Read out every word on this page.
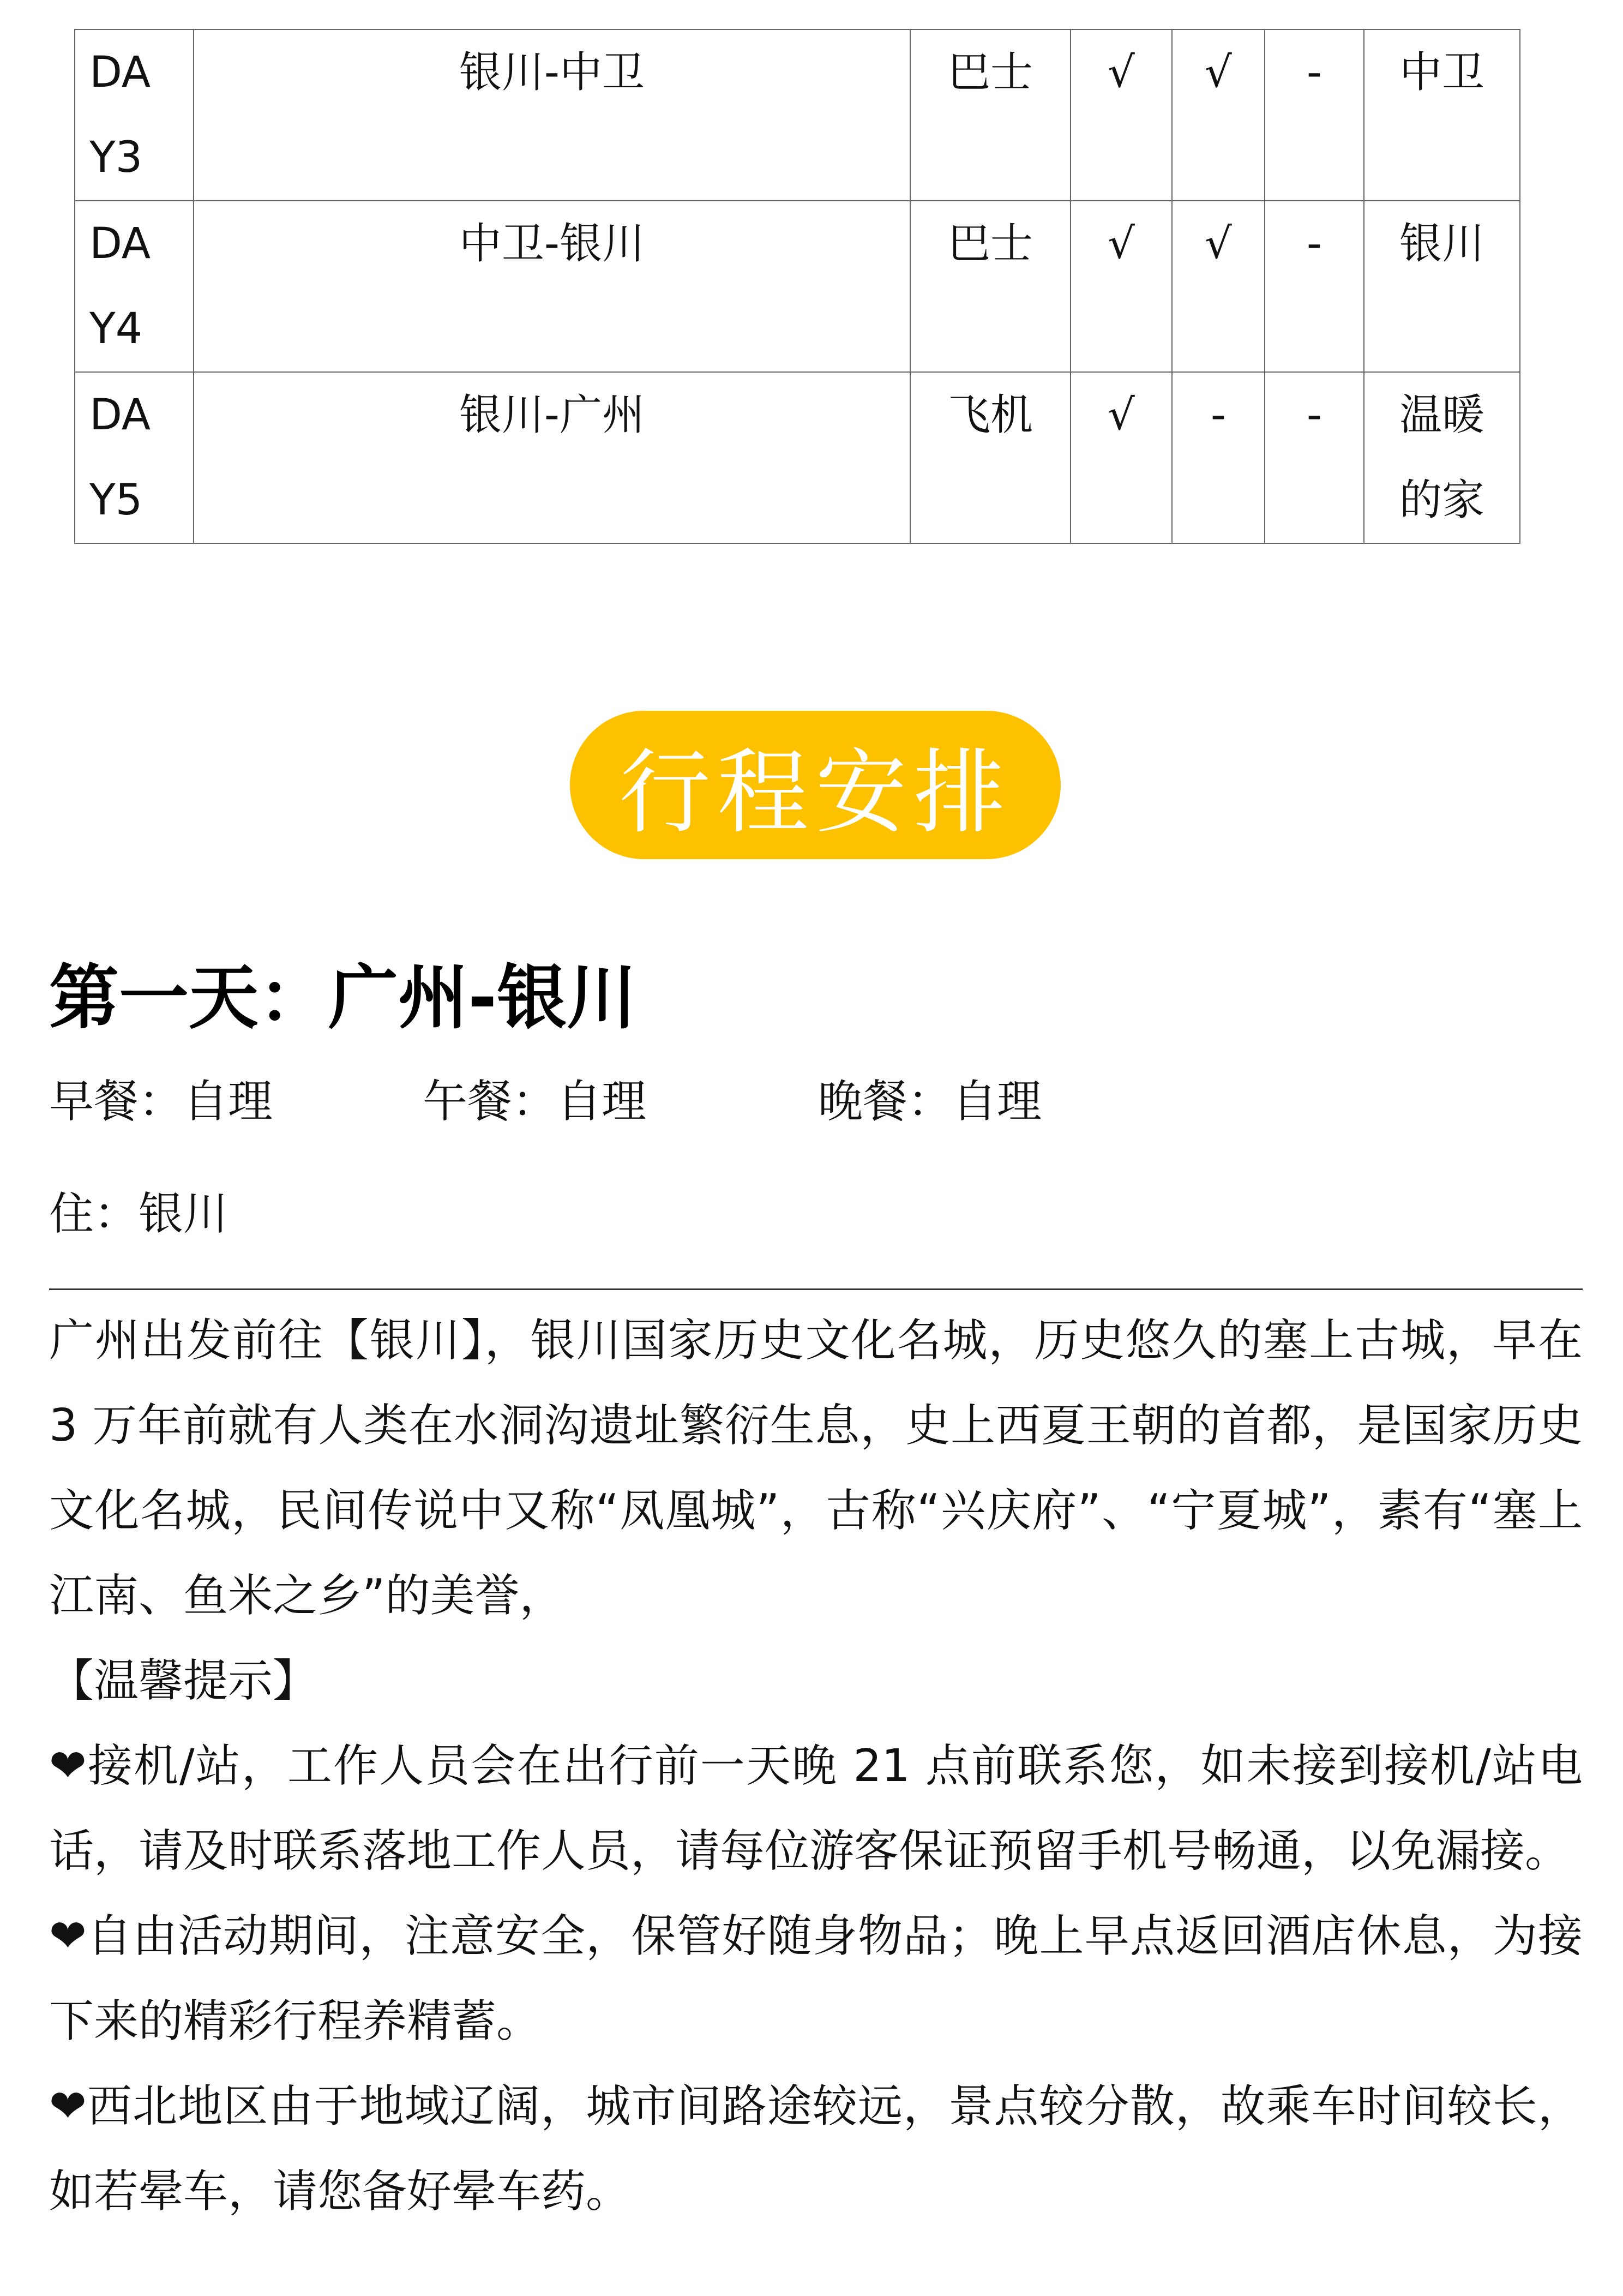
DA
Y3	银川-中卫	巴士	√	√	-	中卫

DA
Y4	中卫-银川	巴士	√	√	-	银川

DA
Y5	银川-广州	飞机	√	-	-	温暖
的家
行程安排
第一天：广州-银川
早餐：自理	午餐：自理	晚餐：自理
住：银川

广州出发前往【银川】，银川国家历史文化名城，历史悠久的塞上古城，早在 3 万年前就有人类在水洞沟遗址繁衍生息，史上西夏王朝的首都，是国家历史文化名城，民间传说中又称“凤凰城”，古称“兴庆府”、“宁夏城”，素有“塞上江南、鱼米之乡”的美誉，

【温馨提示】

❤接机/站，工作人员会在出行前一天晚 21 点前联系您，如未接到接机/站电话，请及时联系落地工作人员，请每位游客保证预留手机号畅通，以免漏接。

❤自由活动期间，注意安全，保管好随身物品；晚上早点返回酒店休息，为接下来的精彩行程养精蓄。

❤西北地区由于地域辽阔，城市间路途较远，景点较分散，故乘车时间较长，如若晕车，请您备好晕车药。
